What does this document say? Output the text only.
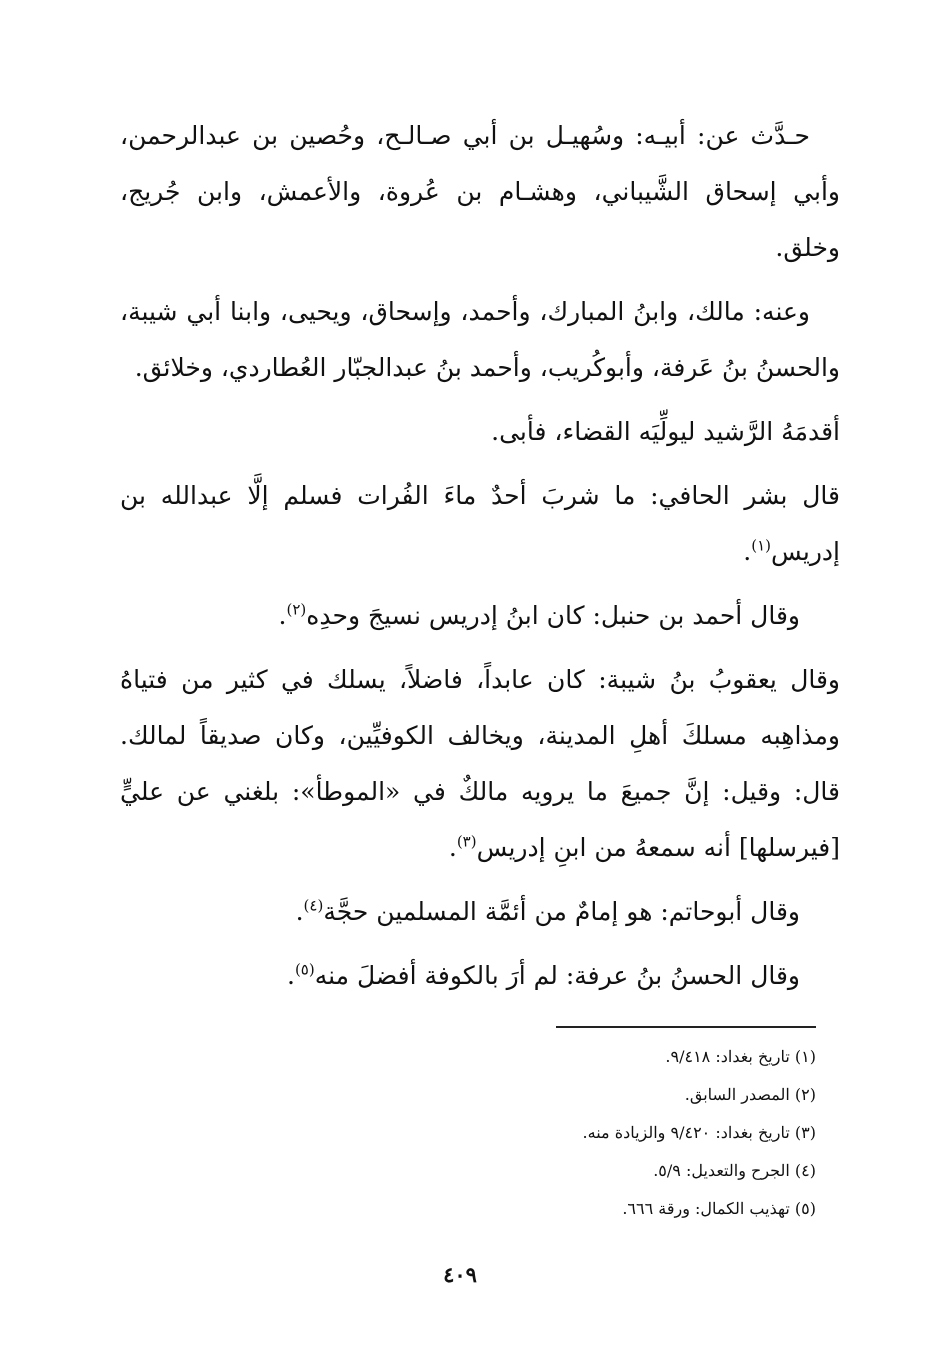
حـدَّث عن: أبيـه: وسُهيـل بن أبي صـالـح، وحُصين بن عبدالرحمن، وأبي إسحاق الشَّيباني، وهشـام بن عُروة، والأعمش، وابن جُريج، وخلق.

وعنه: مالك، وابنُ المبارك، وأحمد، وإسحاق، ويحيى، وابنا أبي شيبة، والحسنُ بنُ عَرفة، وأبوكُريب، وأحمد بنُ عبدالجبّار العُطاردي، وخلائق.

أقدمَهُ الرَّشيد ليولِّيَه القضاء، فأبى.

قال بشر الحافي: ما شربَ أحدٌ ماءَ الفُرات فسلم إلَّا عبدالله بن إدريس$^{(١)}$.

وقال أحمد بن حنبل: كان ابنُ إدريس نسيجَ وحدِه$^{(٢)}$.

وقال يعقوبُ بنُ شيبة: كان عابداً، فاضلاً، يسلك في كثير من فتياهُ ومذاهِبه مسلكَ أهلِ المدينة، ويخالف الكوفيِّين، وكان صديقاً لمالك. قال: وقيل: إنَّ جميعَ ما يرويه مالكٌ في «الموطأ»: بلغني عن عليٍّ [فيرسلها] أنه سمعهُ من ابنِ إدريس$^{(٣)}$.

وقال أبوحاتم: هو إمامٌ من أئمَّة المسلمين حجَّة$^{(٤)}$.

وقال الحسنُ بنُ عرفة: لم أرَ بالكوفة أفضلَ منه$^{(٥)}$.

(١) تاريخ بغداد: ٩/٤١٨.
(٢) المصدر السابق.
(٣) تاريخ بغداد: ٩/٤٢٠ والزيادة منه.
(٤) الجرح والتعديل: ٥/٩.
(٥) تهذيب الكمال: ورقة ٦٦٦.
٤٠٩
